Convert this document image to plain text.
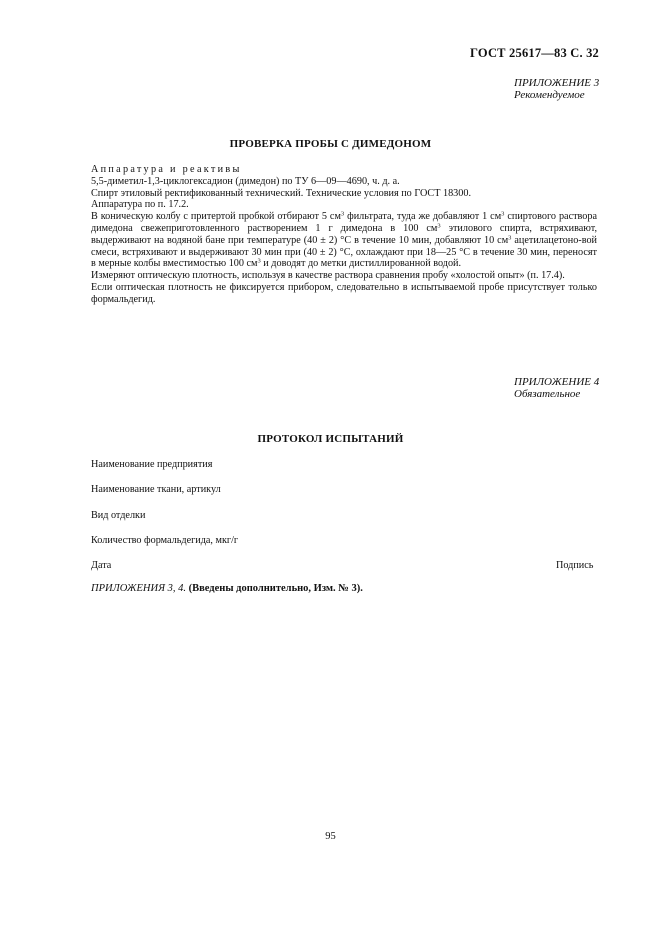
ГОСТ 25617—83 С. 32
ПРИЛОЖЕНИЕ 3
Рекомендуемое
ПРОВЕРКА ПРОБЫ С ДИМЕДОНОМ

Аппаратура и реактивы

5,5-диметил-1,3-циклогексадион (димедон) по ТУ 6—09—4690, ч. д. а.

Спирт этиловый ректификованный технический. Технические условия по ГОСТ 18300.

Аппаратура по п. 17.2.

В коническую колбу с притертой пробкой отбирают 5 $см^3$ фильтрата, туда же добавляют 1 $см^3$ спиртового раствора димедона свежеприготовленного растворением 1 г димедона в 100 $см^3$ этилового спирта, встряхивают, выдерживают на водяной бане при температуре (40 ± 2) °С в течение 10 мин, добавляют 10 $см^3$ ацетилацетоно-вой смеси, встряхивают и выдерживают 30 мин при (40 ± 2) °С, охлаждают при 18—25 °С в течение 30 мин, переносят в мерные колбы вместимостью 100 $см^3$ и доводят до метки дистиллированной водой.

Измеряют оптическую плотность, используя в качестве раствора сравнения пробу «холостой опыт» (п. 17.4).

Если оптическая плотность не фиксируется прибором, следовательно в испытываемой пробе присутствует только формальдегид.

ПРИЛОЖЕНИЕ 4
Обязательное
ПРОТОКОЛ ИСПЫТАНИЙ
Наименование предприятия
Наименование ткани, артикул
Вид отделки
Количество формальдегида, мкг/г
Дата	Подпись
ПРИЛОЖЕНИЯ 3, 4. (Введены дополнительно, Изм. № 3).
95
